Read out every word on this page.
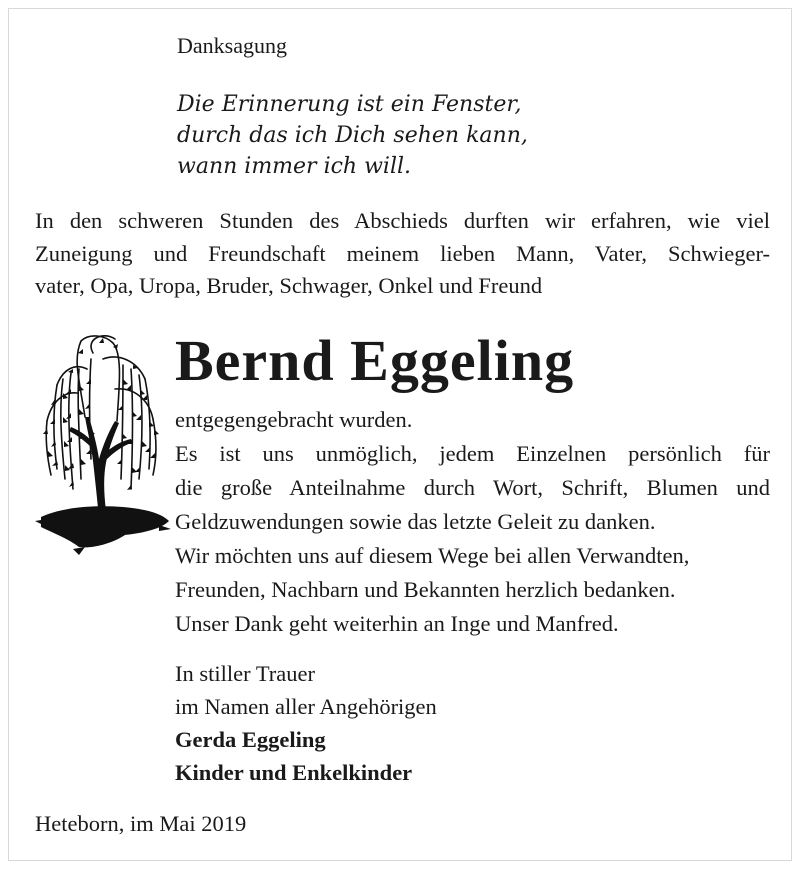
Danksagung
Die Erinnerung ist ein Fenster,
durch das ich Dich sehen kann,
wann immer ich will.
In den schweren Stunden des Abschieds durften wir erfahren, wie viel
Zuneigung und Freundschaft meinem lieben Mann, Vater, Schwieger-
vater, Opa, Uropa, Bruder, Schwager, Onkel und Freund
Bernd Eggeling
entgegengebracht wurden.
Es ist uns unmöglich, jedem Einzelnen persönlich für
die große Anteilnahme durch Wort, Schrift, Blumen und
Geldzuwendungen sowie das letzte Geleit zu danken.
Wir möchten uns auf diesem Wege bei allen Verwandten,
Freunden, Nachbarn und Bekannten herzlich bedanken.
Unser Dank geht weiterhin an Inge und Manfred.
In stiller Trauer
im Namen aller Angehörigen
Gerda Eggeling
Kinder und Enkelkinder
Heteborn, im Mai 2019
